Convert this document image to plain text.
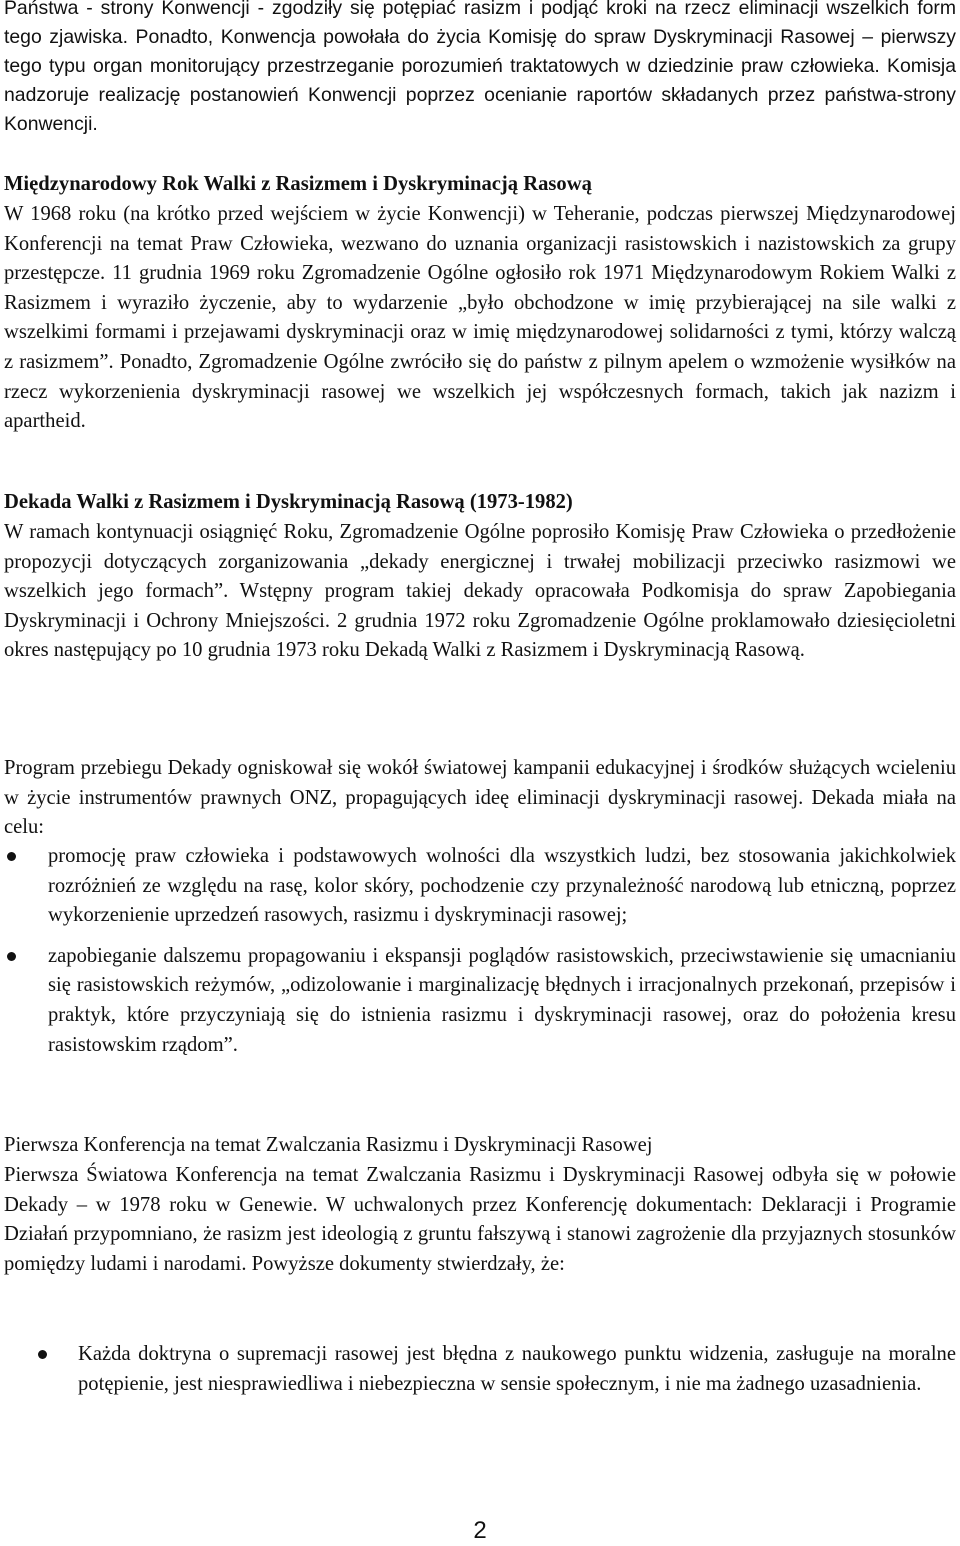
Państwa - strony Konwencji - zgodziły się potępiać rasizm i podjąć kroki na rzecz eliminacji wszelkich form tego zjawiska. Ponadto, Konwencja powołała do życia Komisję do spraw Dyskryminacji Rasowej – pierwszy tego typu organ monitorujący przestrzeganie porozumień traktatowych w dziedzinie praw człowieka. Komisja nadzoruje realizację postanowień Konwencji poprzez ocenianie raportów składanych przez państwa-strony Konwencji.

Międzynarodowy Rok Walki z Rasizmem i Dyskryminacją Rasową

W 1968 roku (na krótko przed wejściem w życie Konwencji) w Teheranie, podczas pierwszej Międzynarodowej Konferencji na temat Praw Człowieka, wezwano do uznania organizacji rasistowskich i nazistowskich za grupy przestępcze. 11 grudnia 1969 roku Zgromadzenie Ogólne ogłosiło rok 1971 Międzynarodowym Rokiem Walki z Rasizmem i wyraziło życzenie, aby to wydarzenie „było obchodzone w imię przybierającej na sile walki z wszelkimi formami i przejawami dyskryminacji oraz w imię międzynarodowej solidarności z tymi, którzy walczą z rasizmem”. Ponadto, Zgromadzenie Ogólne zwróciło się do państw z pilnym apelem o wzmożenie wysiłków na rzecz wykorzenienia dyskryminacji rasowej we wszelkich jej współczesnych formach, takich jak nazizm i apartheid.

Dekada Walki z Rasizmem i Dyskryminacją Rasową (1973-1982)

W ramach kontynuacji osiągnięć Roku, Zgromadzenie Ogólne poprosiło Komisję Praw Człowieka o przedłożenie propozycji dotyczących zorganizowania „dekady energicznej i trwałej mobilizacji przeciwko rasizmowi we wszelkich jego formach”. Wstępny program takiej dekady opracowała Podkomisja do spraw Zapobiegania Dyskryminacji i Ochrony Mniejszości. 2 grudnia 1972 roku Zgromadzenie Ogólne proklamowało dziesięcioletni okres następujący po 10 grudnia 1973 roku Dekadą Walki z Rasizmem i Dyskryminacją Rasową.

Program przebiegu Dekady ogniskował się wokół światowej kampanii edukacyjnej i środków służących wcieleniu w życie instrumentów prawnych ONZ, propagujących ideę eliminacji dyskryminacji rasowej. Dekada miała na celu:

promocję praw człowieka i podstawowych wolności dla wszystkich ludzi, bez stosowania jakichkolwiek rozróżnień ze względu na rasę, kolor skóry, pochodzenie czy przynależność narodową lub etniczną, poprzez wykorzenienie uprzedzeń rasowych, rasizmu i dyskryminacji rasowej;
zapobieganie dalszemu propagowaniu i ekspansji poglądów rasistowskich, przeciwstawienie się umacnianiu się rasistowskich reżymów, „odizolowanie i marginalizację błędnych i irracjonalnych przekonań, przepisów i praktyk, które przyczyniają się do istnienia rasizmu i dyskryminacji rasowej, oraz do położenia kresu rasistowskim rządom”.

Pierwsza Konferencja na temat Zwalczania Rasizmu i Dyskryminacji Rasowej

Pierwsza Światowa Konferencja na temat Zwalczania Rasizmu i Dyskryminacji Rasowej odbyła się w połowie Dekady – w 1978 roku w Genewie. W uchwalonych przez Konferencję dokumentach: Deklaracji i Programie Działań przypomniano, że rasizm jest ideologią z gruntu fałszywą i stanowi zagrożenie dla przyjaznych stosunków pomiędzy ludami i narodami. Powyższe dokumenty stwierdzały, że:

Każda doktryna o supremacji rasowej jest błędna z naukowego punktu widzenia, zasługuje na moralne potępienie, jest niesprawiedliwa i niebezpieczna w sensie społecznym, i nie ma żadnego uzasadnienia.
2
